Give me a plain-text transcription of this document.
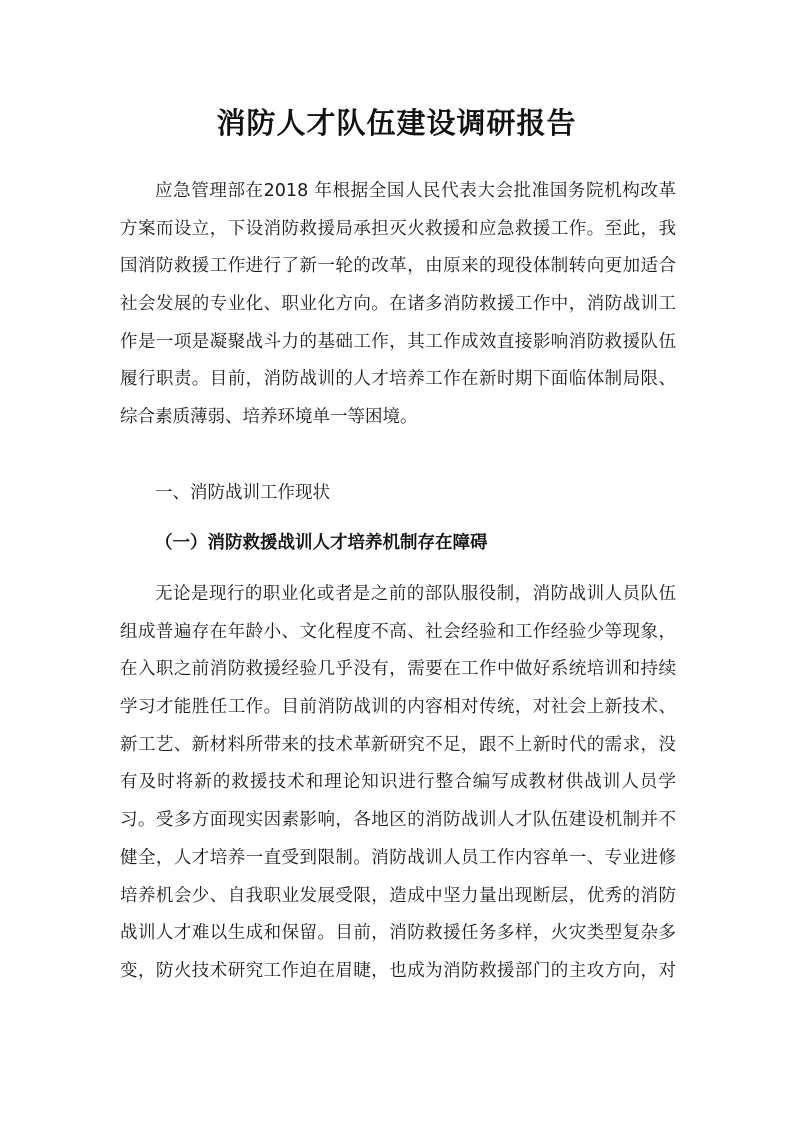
消防人才队伍建设调研报告
应急管理部在2018 年根据全国人民代表大会批准国务院机构改革
方案而设立，下设消防救援局承担灭火救援和应急救援工作。至此，我
国消防救援工作进行了新一轮的改革，由原来的现役体制转向更加适合
社会发展的专业化、职业化方向。在诸多消防救援工作中，消防战训工
作是一项是凝聚战斗力的基础工作，其工作成效直接影响消防救援队伍
履行职责。目前，消防战训的人才培养工作在新时期下面临体制局限、
综合素质薄弱、培养环境单一等困境。
一、消防战训工作现状
（一）消防救援战训人才培养机制存在障碍
无论是现行的职业化或者是之前的部队服役制，消防战训人员队伍
组成普遍存在年龄小、文化程度不高、社会经验和工作经验少等现象，
在入职之前消防救援经验几乎没有，需要在工作中做好系统培训和持续
学习才能胜任工作。目前消防战训的内容相对传统，对社会上新技术、
新工艺、新材料所带来的技术革新研究不足，跟不上新时代的需求，没
有及时将新的救援技术和理论知识进行整合编写成教材供战训人员学
习。受多方面现实因素影响，各地区的消防战训人才队伍建设机制并不
健全，人才培养一直受到限制。消防战训人员工作内容单一、专业进修
培养机会少、自我职业发展受限，造成中坚力量出现断层，优秀的消防
战训人才难以生成和保留。目前，消防救援任务多样，火灾类型复杂多
变，防火技术研究工作迫在眉睫，也成为消防救援部门的主攻方向，对
